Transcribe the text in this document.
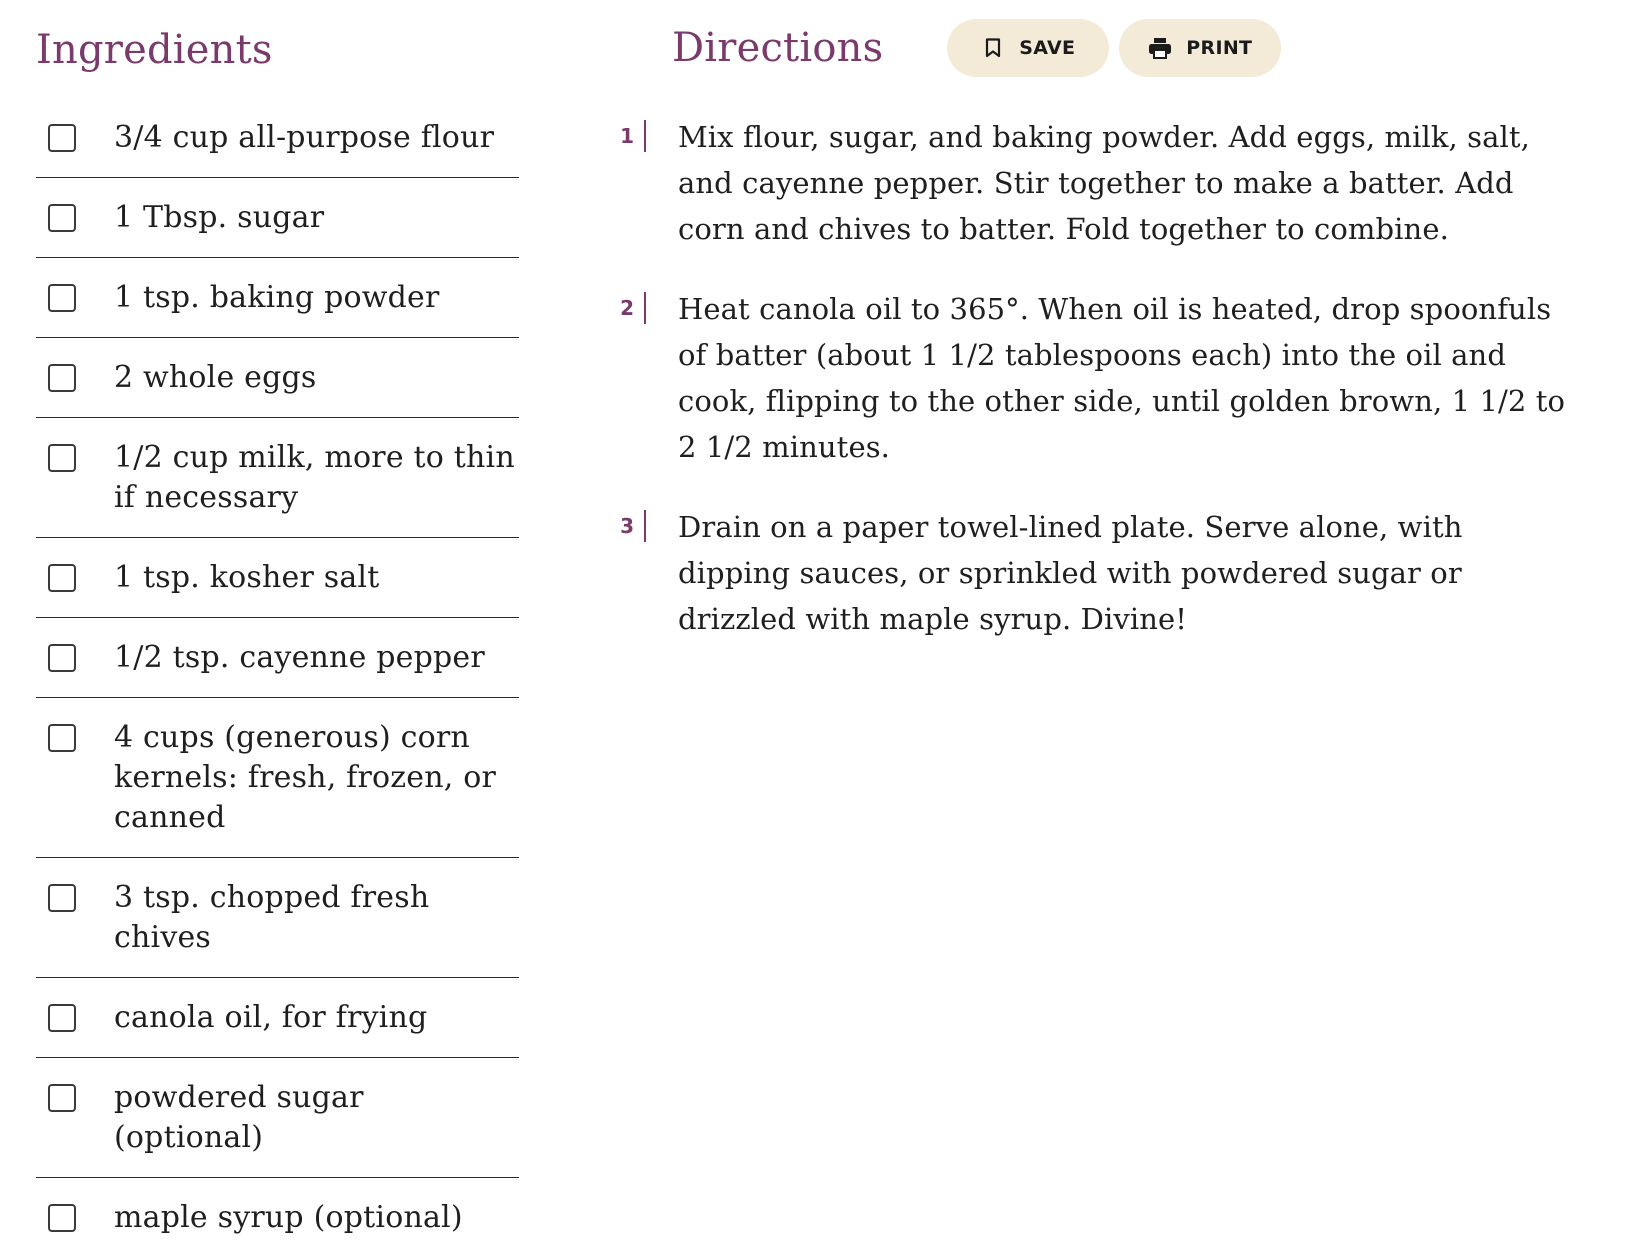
Ingredients
3/4 cup all-purpose flour
1 Tbsp. sugar
1 tsp. baking powder
2 whole eggs
1/2 cup milk, more to thin if necessary
1 tsp. kosher salt
1/2 tsp. cayenne pepper
4 cups (generous) corn kernels: fresh, frozen, or canned
3 tsp. chopped fresh chives
canola oil, for frying
powdered sugar (optional)
maple syrup (optional)
Directions	SAVE	PRINT
1 Mix flour, sugar, and baking powder. Add eggs, milk, salt, and cayenne pepper. Stir together to make a batter. Add corn and chives to batter. Fold together to combine.

2 Heat canola oil to 365°. When oil is heated, drop spoonfuls of batter (about 1 1/2 tablespoons each) into the oil and cook, flipping to the other side, until golden brown, 1 1/2 to 2 1/2 minutes.

3 Drain on a paper towel-lined plate. Serve alone, with dipping sauces, or sprinkled with powdered sugar or drizzled with maple syrup. Divine!
